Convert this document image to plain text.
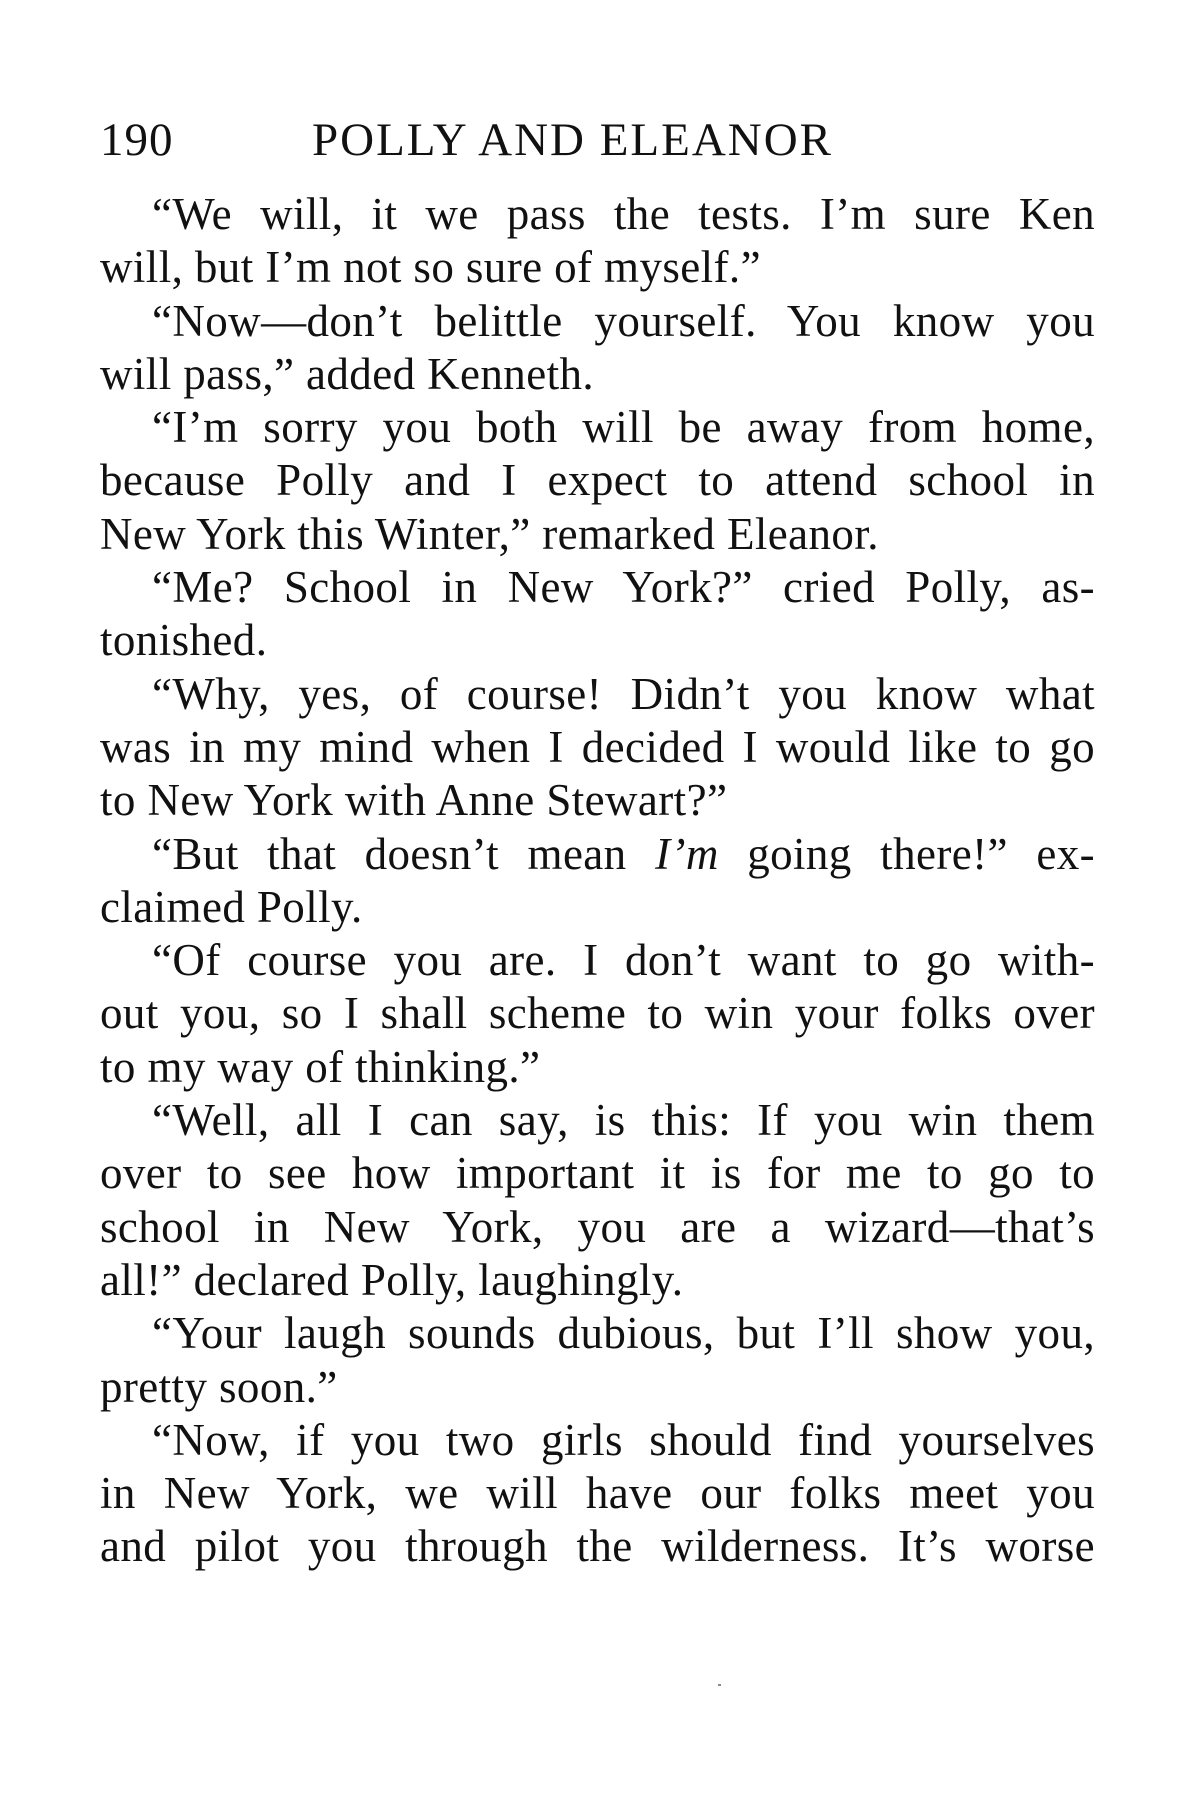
190	POLLY AND ELEANOR
“We will, it we pass the tests. I’m sure Ken
will, but I’m not so sure of myself.”
“Now—don’t belittle yourself. You know you
will pass,” added Kenneth.
“I’m sorry you both will be away from home,
because Polly and I expect to attend school in
New York this Winter,” remarked Eleanor.
“Me? School in New York?” cried Polly, as-
tonished.
“Why, yes, of course! Didn’t you know what
was in my mind when I decided I would like to go
to New York with Anne Stewart?”
“But that doesn’t mean I’m going there!” ex-
claimed Polly.
“Of course you are. I don’t want to go with-
out you, so I shall scheme to win your folks over
to my way of thinking.”
“Well, all I can say, is this: If you win them
over to see how important it is for me to go to
school in New York, you are a wizard—that’s
all!” declared Polly, laughingly.
“Your laugh sounds dubious, but I’ll show you,
pretty soon.”
“Now, if you two girls should find yourselves
in New York, we will have our folks meet you
and pilot you through the wilderness. It’s worse
